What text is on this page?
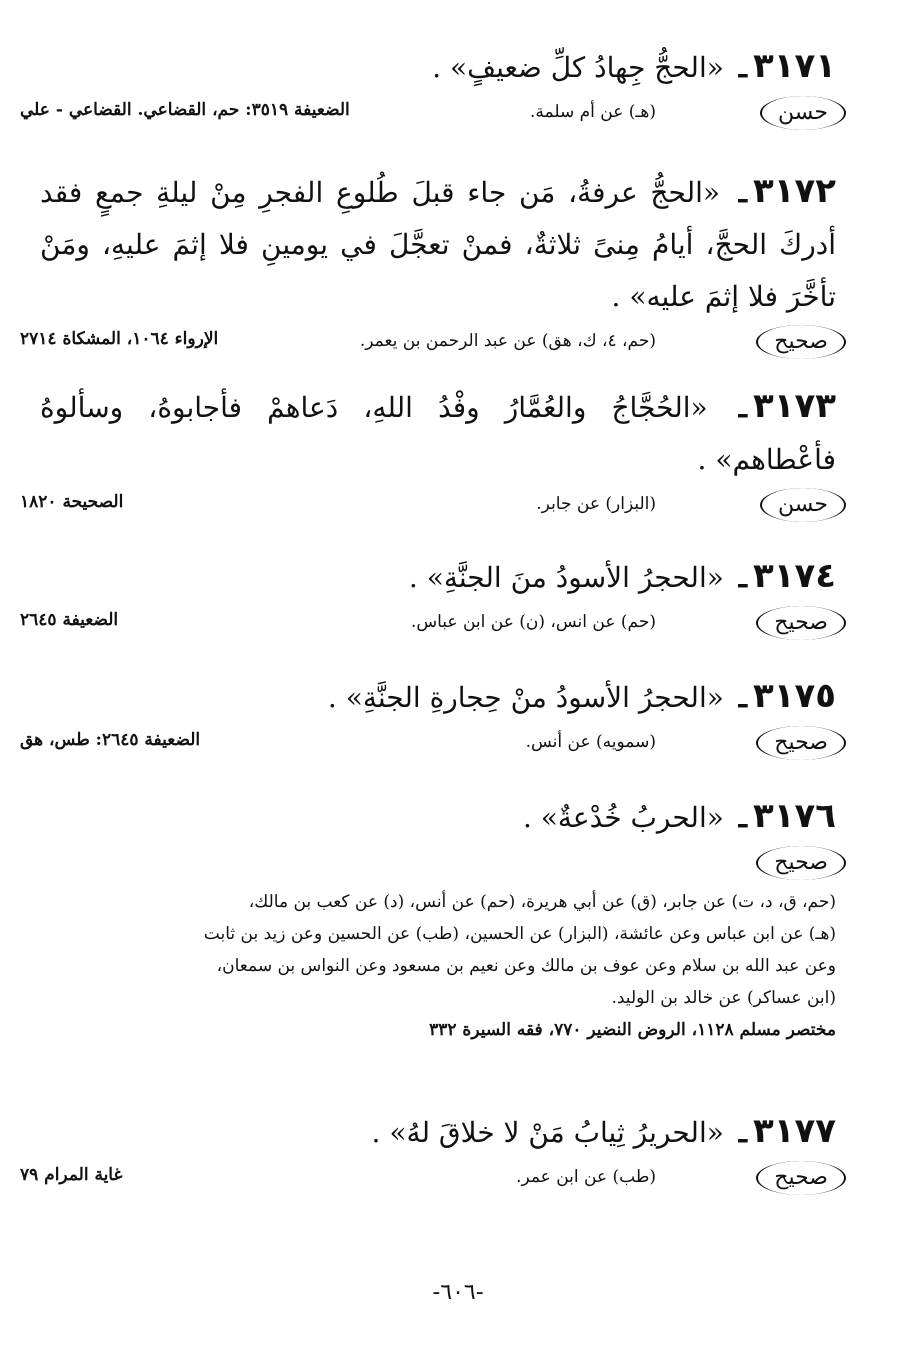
٣١٧١ـ «الحجُّ جِهادُ كلِّ ضعيفٍ» .

حسن
(هـ) عن أم سلمة.
الضعيفة ٣٥١٩: حم، القضاعي. القضاعي - علي

٣١٧٢ـ «الحجُّ عرفةُ، مَن جاء قبلَ طُلوعِ الفجرِ مِنْ ليلةِ جمعٍ فقد أدركَ الحجَّ، أيامُ مِنىً ثلاثةٌ، فمنْ تعجَّلَ في يومينِ فلا إثمَ عليهِ، ومَنْ تأخَّرَ فلا إثمَ عليه» .

صحيح
(حم، ٤، ك، هق) عن عبد الرحمن بن يعمر.
الإرواء ١٠٦٤، المشكاة ٢٧١٤

٣١٧٣ـ «الحُجَّاجُ والعُمَّارُ وفْدُ اللهِ، دَعاهمْ فأجابوهُ، وسألوهُ فأعْطاهم» .

حسن
(البزار) عن جابر.
الصحيحة ١٨٢٠

٣١٧٤ـ «الحجرُ الأسودُ منَ الجنَّةِ» .

صحيح
(حم) عن انس، (ن) عن ابن عباس.
الضعيفة ٢٦٤٥

٣١٧٥ـ «الحجرُ الأسودُ منْ حِجارةِ الجنَّةِ» .

صحيح
(سمويه) عن أنس.
الضعيفة ٢٦٤٥: طس، هق

٣١٧٦ـ «الحربُ خُدْعةٌ» .

صحيح
(حم، ق، د، ت) عن جابر، (ق) عن أبي هريرة، (حم) عن أنس، (د) عن كعب بن مالك،
(هـ) عن ابن عباس وعن عائشة، (البزار) عن الحسين، (طب) عن الحسين وعن زيد بن ثابت
وعن عبد الله بن سلام وعن عوف بن مالك وعن نعيم بن مسعود وعن النواس بن سمعان،
(ابن عساكر) عن خالد بن الوليد.
مختصر مسلم ١١٢٨، الروض النضير ٧٧٠، فقه السيرة ٣٣٢

٣١٧٧ـ «الحريرُ ثِيابُ مَنْ لا خلاقَ لهُ» .

صحيح
(طب) عن ابن عمر.
غاية المرام ٧٩
-٦٠٦-
